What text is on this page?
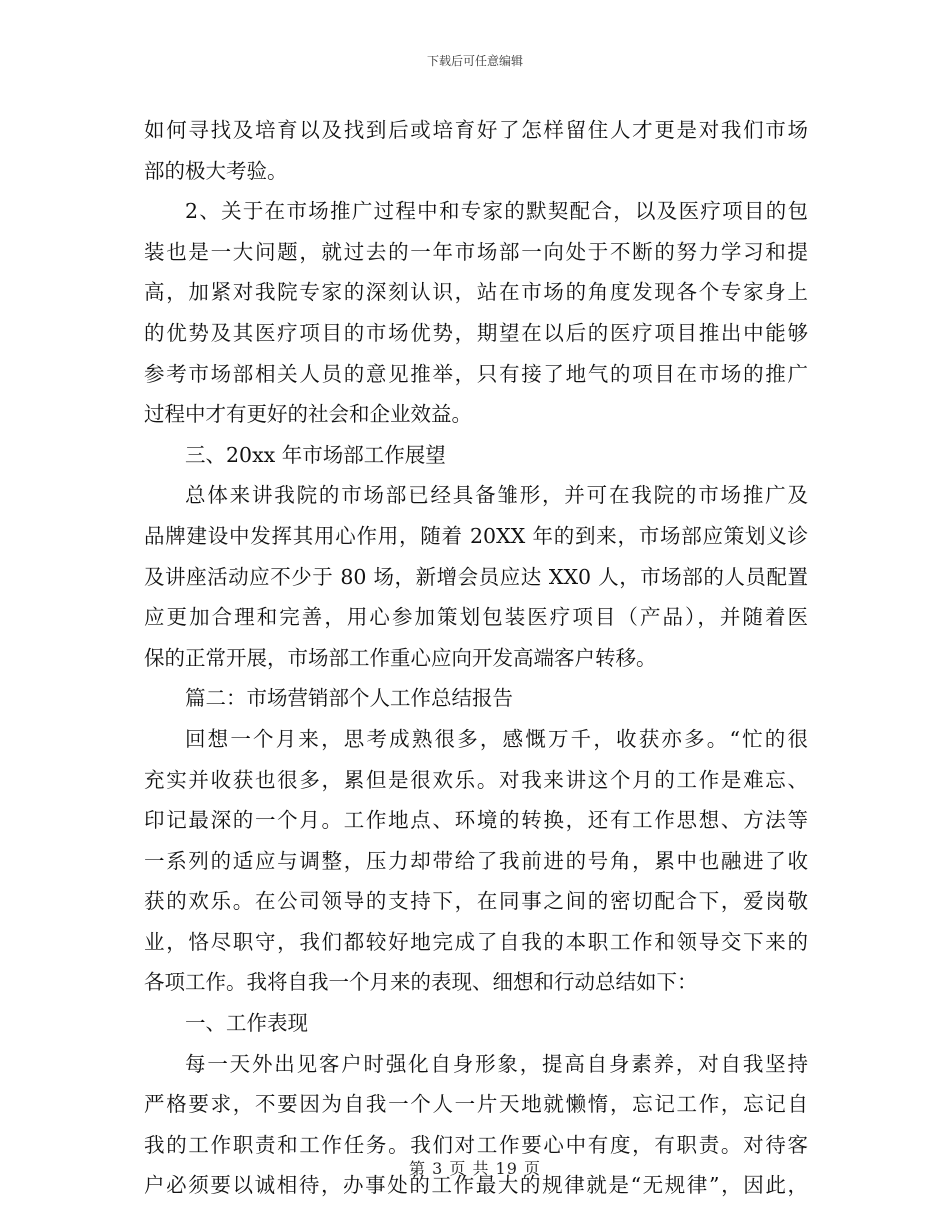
下载后可任意编辑
如何寻找及培育以及找到后或培育好了怎样留住人才更是对我们市场
部的极大考验。
2、关于在市场推广过程中和专家的默契配合，以及医疗项目的包
装也是一大问题，就过去的一年市场部一向处于不断的努力学习和提
高，加紧对我院专家的深刻认识，站在市场的角度发现各个专家身上
的优势及其医疗项目的市场优势，期望在以后的医疗项目推出中能够
参考市场部相关人员的意见推举，只有接了地气的项目在市场的推广
过程中才有更好的社会和企业效益。
三、20xx 年市场部工作展望
总体来讲我院的市场部已经具备雏形，并可在我院的市场推广及
品牌建设中发挥其用心作用，随着 20XX 年的到来，市场部应策划义诊
及讲座活动应不少于 80 场，新增会员应达 XX0 人，市场部的人员配置
应更加合理和完善，用心参加策划包装医疗项目（产品），并随着医
保的正常开展，市场部工作重心应向开发高端客户转移。
篇二：市场营销部个人工作总结报告
回想一个月来，思考成熟很多，感慨万千，收获亦多。“忙的很
充实并收获也很多，累但是很欢乐。对我来讲这个月的工作是难忘、
印记最深的一个月。工作地点、环境的转换，还有工作思想、方法等
一系列的适应与调整，压力却带给了我前进的号角，累中也融进了收
获的欢乐。在公司领导的支持下，在同事之间的密切配合下，爱岗敬
业，恪尽职守，我们都较好地完成了自我的本职工作和领导交下来的
各项工作。我将自我一个月来的表现、细想和行动总结如下：
一、工作表现
每一天外出见客户时强化自身形象，提高自身素养，对自我坚持
严格要求，不要因为自我一个人一片天地就懒惰，忘记工作，忘记自
我的工作职责和工作任务。我们对工作要心中有度，有职责。对待客
户必须要以诚相待，办事处的工作最大的规律就是“无规律”，因此，
第 3 页 共 19 页
